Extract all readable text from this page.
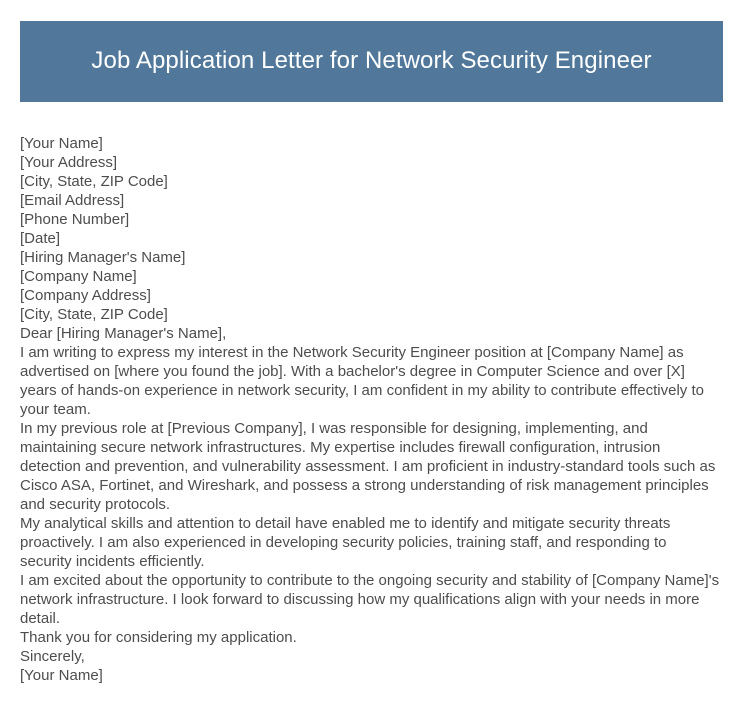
Job Application Letter for Network Security Engineer

[Your Name]

[Your Address]

[City, State, ZIP Code]

[Email Address]

[Phone Number]

[Date]

[Hiring Manager's Name]

[Company Name]

[Company Address]

[City, State, ZIP Code]

Dear [Hiring Manager's Name],

I am writing to express my interest in the Network Security Engineer position at [Company Name] as advertised on [where you found the job]. With a bachelor's degree in Computer Science and over [X] years of hands-on experience in network security, I am confident in my ability to contribute effectively to your team.

In my previous role at [Previous Company], I was responsible for designing, implementing, and maintaining secure network infrastructures. My expertise includes firewall configuration, intrusion detection and prevention, and vulnerability assessment. I am proficient in industry-standard tools such as Cisco ASA, Fortinet, and Wireshark, and possess a strong understanding of risk management principles and security protocols.

My analytical skills and attention to detail have enabled me to identify and mitigate security threats proactively. I am also experienced in developing security policies, training staff, and responding to security incidents efficiently.

I am excited about the opportunity to contribute to the ongoing security and stability of [Company Name]'s network infrastructure. I look forward to discussing how my qualifications align with your needs in more detail.

Thank you for considering my application.

Sincerely,

[Your Name]
